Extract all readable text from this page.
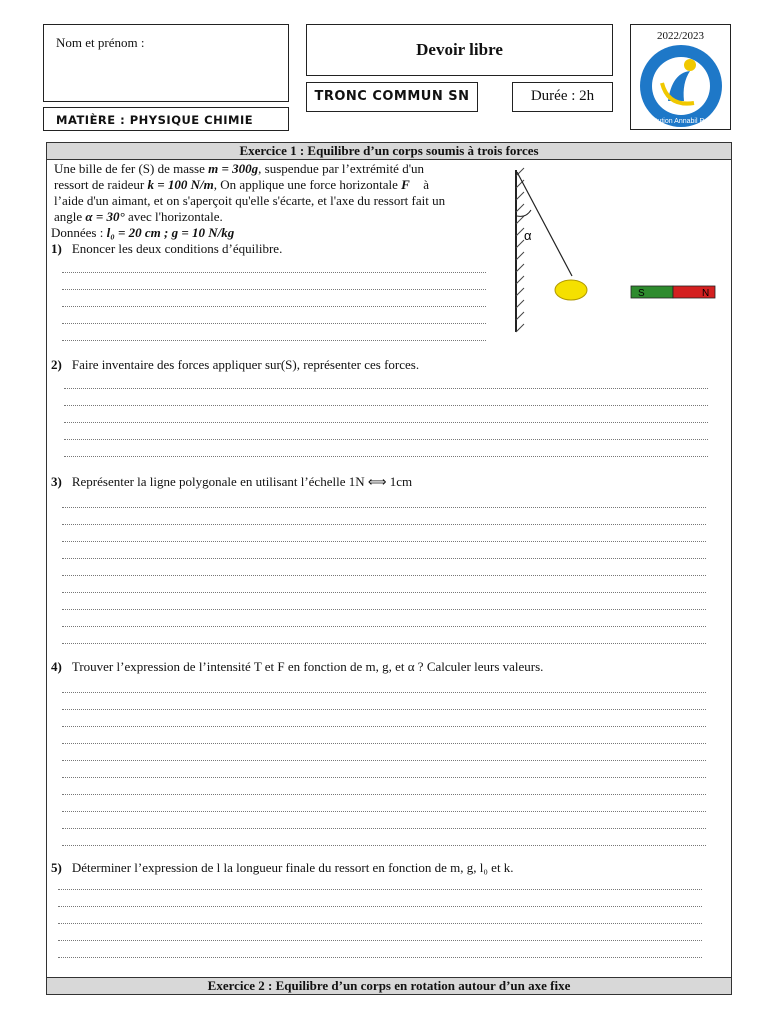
Nom et prénom :
MATIÈRE : PHYSIQUE CHIMIE
Devoir libre
TRONC COMMUN SN	Durée : 2h
2022/2023
Institution Annabil Privée
Exercice 1 : Equilibre d’un corps soumis à trois forces
Une bille de fer (S) de masse m = 300g, suspendue par l’extrémité d'un
ressort de raideur k = 100 N/m, On applique une force horizontale F⃗ à
l’aide d'un aimant, et on s'aperçoit qu'elle s'écarte, et l'axe du ressort fait un
angle α = 30° avec l'horizontale.
Données : l₀ = 20 cm ; g = 10 N/kg	α
S	N
1) Enoncer les deux conditions d’équilibre.
2) Faire inventaire des forces appliquer sur(S), représenter ces forces.
3) Représenter la ligne polygonale en utilisant l’échelle 1N ⟺ 1cm
4) Trouver l’expression de l’intensité T et F en fonction de m, g, et α ? Calculer leurs valeurs.
5) Déterminer l’expression de l la longueur finale du ressort en fonction de m, g, l₀ et k.
Exercice 2 : Equilibre d’un corps en rotation autour d’un axe fixe
